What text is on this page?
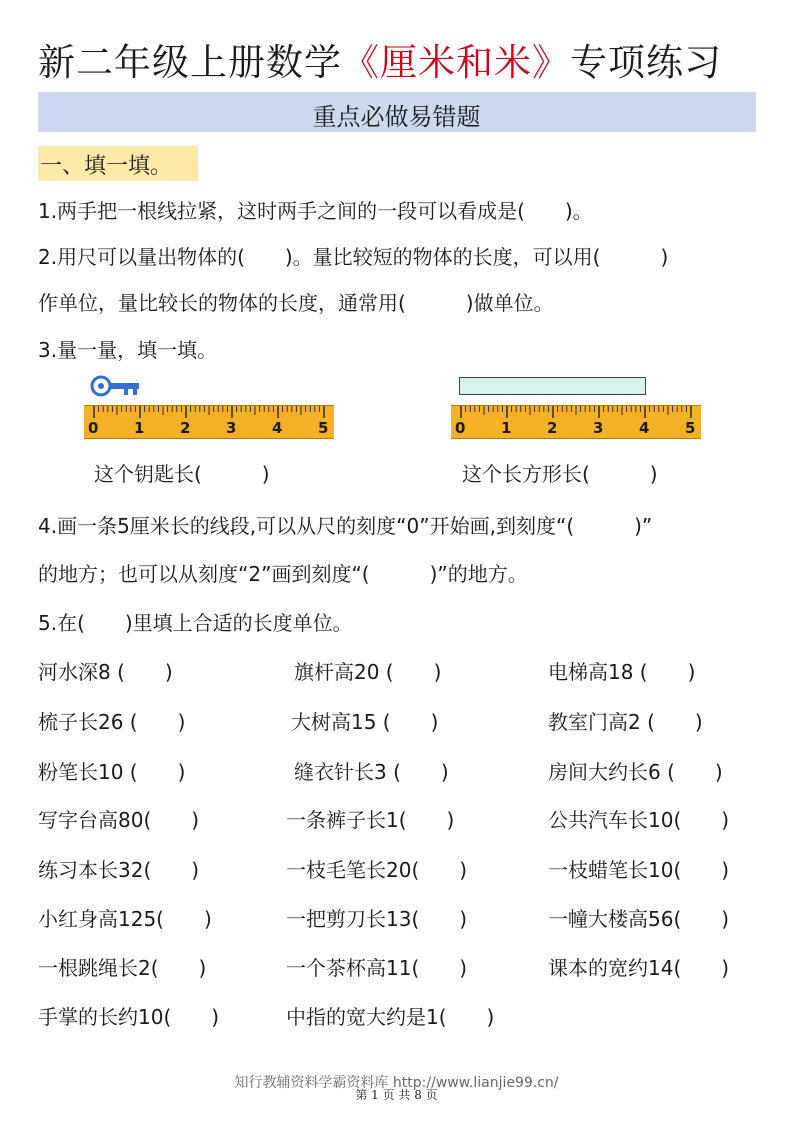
新二年级上册数学《厘米和米》专项练习
重点必做易错题
一、填一填。
1.两手把一根线拉紧，这时两手之间的一段可以看成是(　　)。
2.用尺可以量出物体的(　　)。量比较短的物体的长度，可以用(　　　)
作单位，量比较长的物体的长度，通常用(　　　)做单位。
3.量一量，填一填。
0 1 2 3 4 5	0 1 2 3 4 5
这个钥匙长(　　　)	这个长方形长(　　　)
4.画一条5厘米长的线段,可以从尺的刻度“0”开始画,到刻度“(　　　)”
的地方；也可以从刻度“2”画到刻度“(　　　)”的地方。
5.在(　　)里填上合适的长度单位。
河水深8 (　　)	旗杆高20 (　　)	电梯高18 (　　)
梳子长26 (　　)	大树高15 (　　)	教室门高2 (　　)
粉笔长10 (　　)	缝衣针长3 (　　)	房间大约长6 (　　)
写字台高80(　　)	一条裤子长1(　　)	公共汽车长10(　　)
练习本长32(　　)	一枝毛笔长20(　　)	一枝蜡笔长10(　　)
小红身高125(　　)	一把剪刀长13(　　)	一幢大楼高56(　　)
一根跳绳长2(　　)	一个茶杯高11(　　)	课本的宽约14(　　)
手掌的长约10(　　)	中指的宽大约是1(　　)
知行教辅资料学霸资料库 http://www.lianjie99.cn/
第 1 页 共 8 页
